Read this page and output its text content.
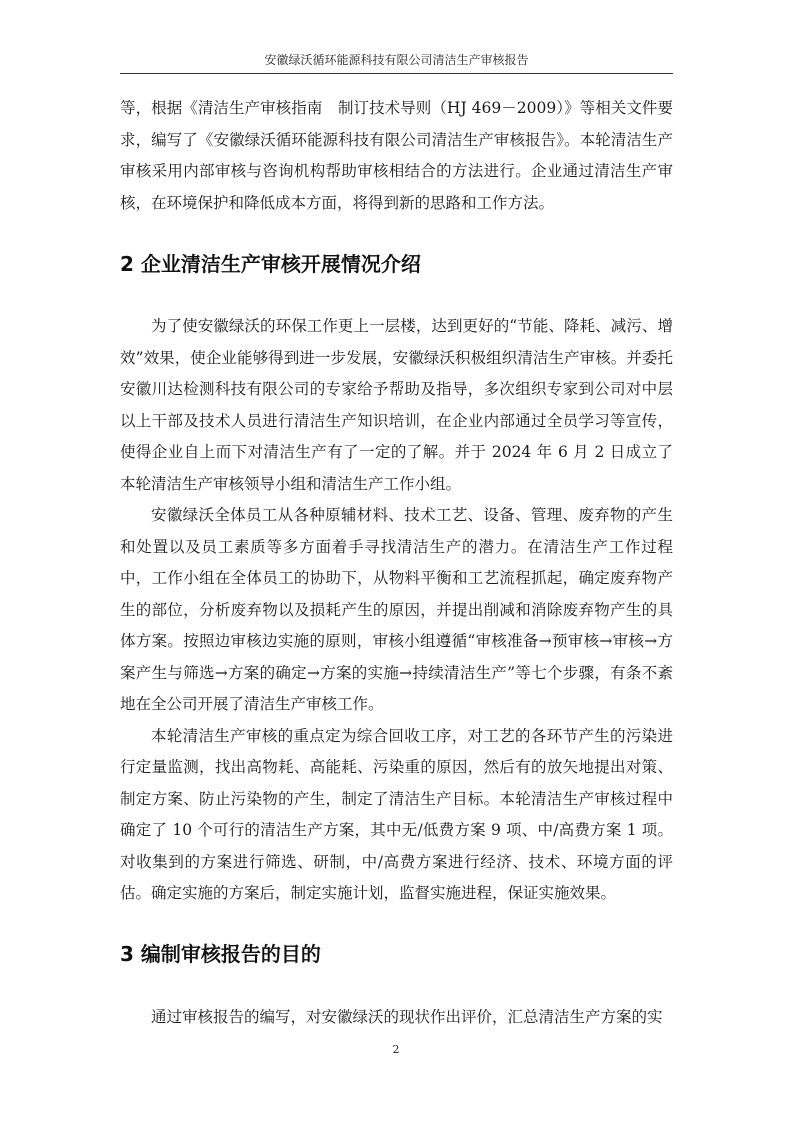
安徽绿沃循环能源科技有限公司清洁生产审核报告

等，根据《清洁生产审核指南　制订技术导则（HJ 469－2009）》等相关文件要求，编写了《安徽绿沃循环能源科技有限公司清洁生产审核报告》。本轮清洁生产审核采用内部审核与咨询机构帮助审核相结合的方法进行。企业通过清洁生产审核，在环境保护和降低成本方面，将得到新的思路和工作方法。

2 企业清洁生产审核开展情况介绍

为了使安徽绿沃的环保工作更上一层楼，达到更好的“节能、降耗、减污、增效”效果，使企业能够得到进一步发展，安徽绿沃积极组织清洁生产审核。并委托安徽川达检测科技有限公司的专家给予帮助及指导，多次组织专家到公司对中层以上干部及技术人员进行清洁生产知识培训，在企业内部通过全员学习等宣传，使得企业自上而下对清洁生产有了一定的了解。并于 2024 年 6 月 2 日成立了本轮清洁生产审核领导小组和清洁生产工作小组。

安徽绿沃全体员工从各种原辅材料、技术工艺、设备、管理、废弃物的产生和处置以及员工素质等多方面着手寻找清洁生产的潜力。在清洁生产工作过程中，工作小组在全体员工的协助下，从物料平衡和工艺流程抓起，确定废弃物产生的部位，分析废弃物以及损耗产生的原因，并提出削减和消除废弃物产生的具体方案。按照边审核边实施的原则，审核小组遵循“审核准备→预审核→审核→方案产生与筛选→方案的确定→方案的实施→持续清洁生产”等七个步骤，有条不紊地在全公司开展了清洁生产审核工作。

本轮清洁生产审核的重点定为综合回收工序，对工艺的各环节产生的污染进行定量监测，找出高物耗、高能耗、污染重的原因，然后有的放矢地提出对策、制定方案、防止污染物的产生，制定了清洁生产目标。本轮清洁生产审核过程中确定了 10 个可行的清洁生产方案，其中无/低费方案 9 项、中/高费方案 1 项。对收集到的方案进行筛选、研制，中/高费方案进行经济、技术、环境方面的评估。确定实施的方案后，制定实施计划，监督实施进程，保证实施效果。

3 编制审核报告的目的

通过审核报告的编写，对安徽绿沃的现状作出评价，汇总清洁生产方案的实

2
